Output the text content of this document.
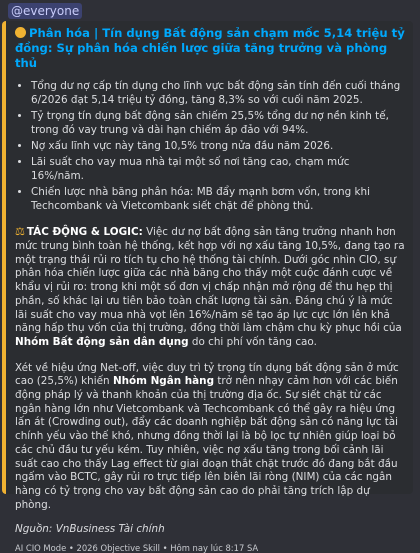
@everyone

Phân hóa | Tín dụng Bất động sản chạm mốc 5,14 triệu tỷ đồng: Sự phân hóa chiến lược giữa tăng trưởng và phòng thủ

• Tổng dư nợ cấp tín dụng cho lĩnh vực bất động sản tính đến cuối tháng 6/2026 đạt 5,14 triệu tỷ đồng, tăng 8,3% so với cuối năm 2025.
• Tỷ trọng tín dụng bất động sản chiếm 25,5% tổng dư nợ nền kinh tế, trong đó vay trung và dài hạn chiếm áp đảo với 94%.
• Nợ xấu lĩnh vực này tăng 10,5% trong nửa đầu năm 2026.
• Lãi suất cho vay mua nhà tại một số nơi tăng cao, chạm mức 16%/năm.
• Chiến lược nhà băng phân hóa: MB đẩy mạnh bơm vốn, trong khi Techcombank và Vietcombank siết chặt để phòng thủ.

⚖ TÁC ĐỘNG & LOGIC: Việc dư nợ bất động sản tăng trưởng nhanh hơn mức trung bình toàn hệ thống, kết hợp với nợ xấu tăng 10,5%, đang tạo ra một trạng thái rủi ro tích tụ cho hệ thống tài chính. Dưới góc nhìn CIO, sự phân hóa chiến lược giữa các nhà băng cho thấy một cuộc đánh cược về khẩu vị rủi ro: trong khi một số đơn vị chấp nhận mở rộng để thu hẹp thị phần, số khác lại ưu tiên bảo toàn chất lượng tài sản. Đáng chú ý là mức lãi suất cho vay mua nhà vọt lên 16%/năm sẽ tạo áp lực cực lớn lên khả năng hấp thụ vốn của thị trường, đồng thời làm chậm chu kỳ phục hồi của Nhóm Bất động sản dân dụng do chi phí vốn tăng cao.

Xét về hiệu ứng Net-off, việc duy trì tỷ trọng tín dụng bất động sản ở mức cao (25,5%) khiến Nhóm Ngân hàng trở nên nhạy cảm hơn với các biến động pháp lý và thanh khoản của thị trường địa ốc. Sự siết chặt từ các ngân hàng lớn như Vietcombank và Techcombank có thể gây ra hiệu ứng lấn át (Crowding out), đẩy các doanh nghiệp bất động sản có năng lực tài chính yếu vào thế khó, nhưng đồng thời lại là bộ lọc tự nhiên giúp loại bỏ các chủ đầu tư yếu kém. Tuy nhiên, việc nợ xấu tăng trong bối cảnh lãi suất cao cho thấy Lag effect từ giai đoạn thắt chặt trước đó đang bắt đầu ngấm vào BCTC, gây rủi ro trực tiếp lên biên lãi ròng (NIM) của các ngân hàng có tỷ trọng cho vay bất động sản cao do phải tăng trích lập dự phòng.

Nguồn: VnBusiness Tài chính

AI CIO Mode • 2026 Objective Skill • Hôm nay lúc 8:17 SA
